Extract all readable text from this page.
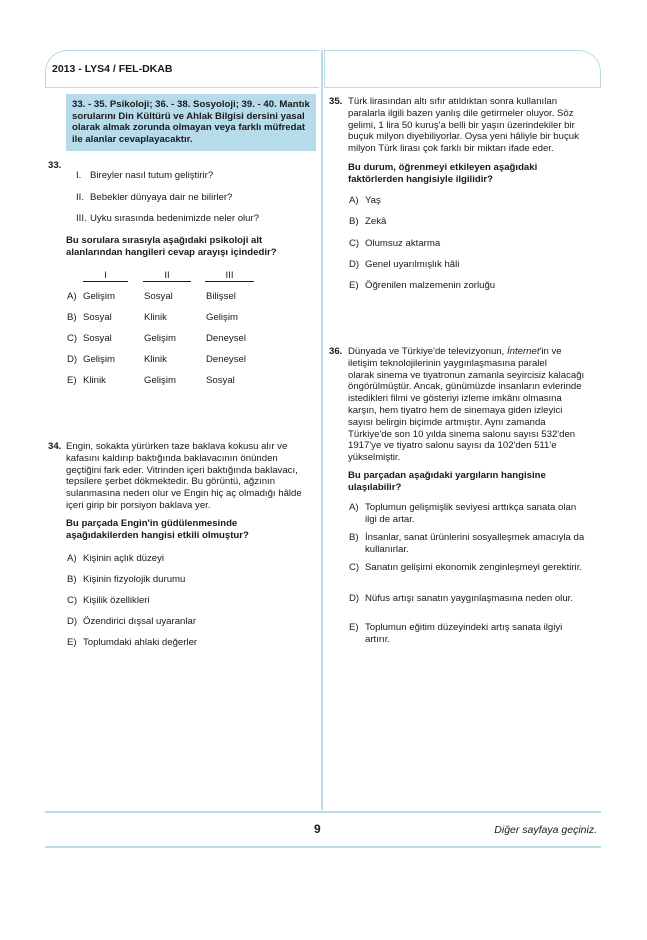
2013 - LYS4 / FEL-DKAB
33. - 35. Psikoloji; 36. - 38. Sosyoloji; 39. - 40. Mantık sorularını Din Kültürü ve Ahlak Bilgisi dersini yasal olarak almak zorunda olmayan veya farklı müfredat ile alanlar cevaplayacaktır.
33.
I. Bireyler nasıl tutum geliştirir?
II. Bebekler dünyaya dair ne bilirler?
III. Uyku sırasında bedenimizde neler olur?
Bu sorulara sırasıyla aşağıdaki psikoloji alt
alanlarından hangileri cevap arayışı içindedir?
I	II	III
A) Gelişim	Sosyal	Bilişsel
B) Sosyal	Klinik	Gelişim
C) Sosyal	Gelişim	Deneysel
D) Gelişim	Klinik	Deneysel
E) Klinik	Gelişim	Sosyal
34. Engin, sokakta yürürken taze baklava kokusu alır ve
kafasını kaldırıp baktığında baklavacının önünden
geçtiğini fark eder. Vitrinden içeri baktığında baklavacı,
tepsilere şerbet dökmektedir. Bu görüntü, ağzının
sulanmasına neden olur ve Engin hiç aç olmadığı hâlde
içeri girip bir porsiyon baklava yer.
Bu parçada Engin'in güdülenmesinde
aşağıdakilerden hangisi etkili olmuştur?
A) Kişinin açlık düzeyi
B) Kişinin fizyolojik durumu
C) Kişilik özellikleri
D) Özendirici dışsal uyaranlar
E) Toplumdaki ahlaki değerler
35. Türk lirasından altı sıfır atıldıktan sonra kullanılan
paralarla ilgili bazen yanlış dile getirmeler oluyor. Söz
gelimi, 1 lira 50 kuruş'a belli bir yaşın üzerindekiler bir
buçuk milyon diyebiliyorlar. Oysa yeni hâliyle bir buçuk
milyon Türk lirası çok farklı bir miktarı ifade eder.
Bu durum, öğrenmeyi etkileyen aşağıdaki
faktörlerden hangisiyle ilgilidir?
A) Yaş
B) Zekâ
C) Olumsuz aktarma
D) Genel uyarılmışlık hâli
E) Öğrenilen malzemenin zorluğu
36. Dünyada ve Türkiye'de televizyonun, İnternet'in ve
iletişim teknolojilerinin yaygınlaşmasına paralel
olarak sinema ve tiyatronun zamanla seyircisiz kalacağı
öngörülmüştür. Ancak, günümüzde insanların evlerinde
istedikleri filmi ve gösteriyi izleme imkânı olmasına
karşın, hem tiyatro hem de sinemaya giden izleyici
sayısı belirgin biçimde artmıştır. Aynı zamanda
Türkiye'de son 10 yılda sinema salonu sayısı 532'den
1917'ye ve tiyatro salonu sayısı da 102'den 511'e
yükselmiştir.
Bu parçadan aşağıdaki yargıların hangisine
ulaşılabilir?
A) Toplumun gelişmişlik seviyesi arttıkça sanata olan
ilgi de artar.
B) İnsanlar, sanat ürünlerini sosyalleşmek amacıyla da
kullanırlar.
C) Sanatın gelişimi ekonomik zenginleşmeyi gerektirir.
D) Nüfus artışı sanatın yaygınlaşmasına neden olur.
E) Toplumun eğitim düzeyindeki artış sanata ilgiyi
artırır.
9	Diğer sayfaya geçiniz.
